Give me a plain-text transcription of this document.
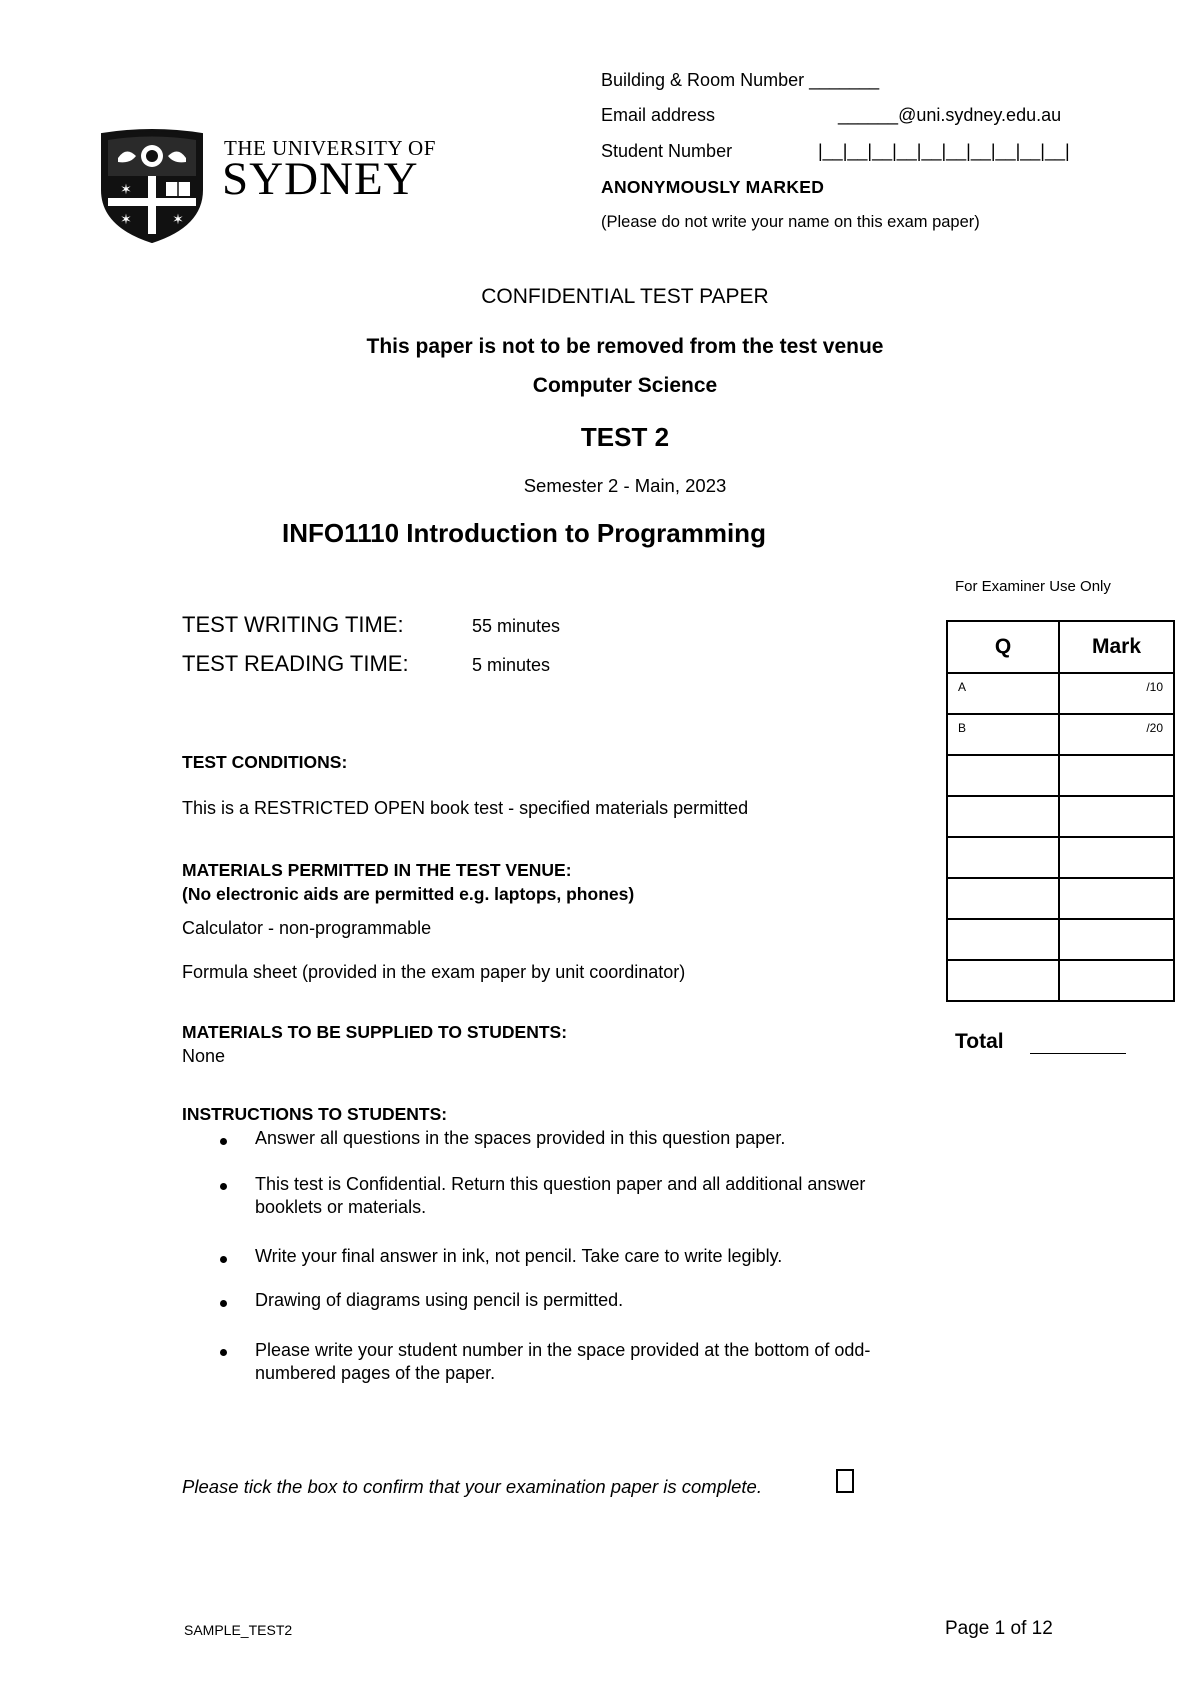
✶
✶	✶
THE UNIVERSITY OF
SYDNEY
Building & Room Number _______
Email address	______@uni.sydney.edu.au
Student Number	|__|__|__|__|__|__|__|__|__|__|
ANONYMOUSLY MARKED
(Please do not write your name on this exam paper)
CONFIDENTIAL TEST PAPER
This paper is not to be removed from the test venue
Computer Science
TEST 2
Semester 2 - Main, 2023
INFO1110 Introduction to Programming
TEST WRITING TIME:	55 minutes
TEST READING TIME:	5 minutes
TEST CONDITIONS:
This is a RESTRICTED OPEN book test - specified materials permitted
MATERIALS PERMITTED IN THE TEST VENUE:
(No electronic aids are permitted e.g. laptops, phones)
Calculator - non-programmable
Formula sheet (provided in the exam paper by unit coordinator)
MATERIALS TO BE SUPPLIED TO STUDENTS:
None
INSTRUCTIONS TO STUDENTS:
Answer all questions in the spaces provided in this question paper.
This test is Confidential. Return this question paper and all additional answer booklets or materials.
Write your final answer in ink, not pencil. Take care to write legibly.
Drawing of diagrams using pencil is permitted.
Please write your student number in the space provided at the bottom of odd-numbered pages of the paper.
Please tick the box to confirm that your examination paper is complete.
For Examiner Use Only
Q	Mark

A	/10

B	/20

Total
SAMPLE_TEST2	Page 1 of 12
